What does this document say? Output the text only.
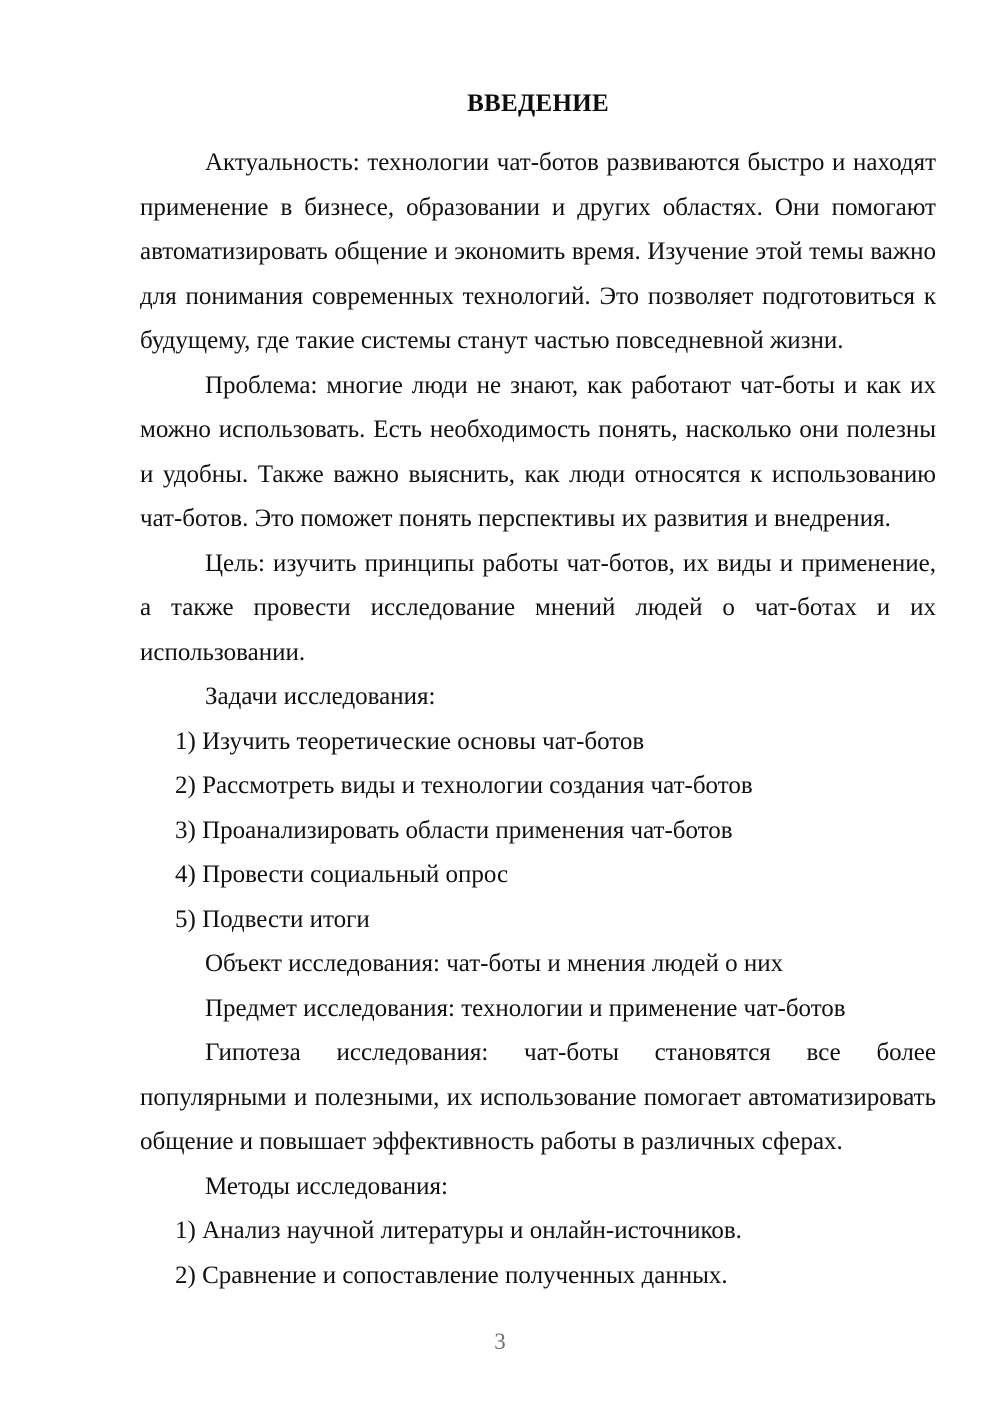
ВВЕДЕНИЕ

Актуальность: технологии чат-ботов развиваются быстро и находят применение в бизнесе, образовании и других областях. Они помогают автоматизировать общение и экономить время. Изучение этой темы важно для понимания современных технологий. Это позволяет подготовиться к будущему, где такие системы станут частью повседневной жизни.

Проблема: многие люди не знают, как работают чат-боты и как их можно использовать. Есть необходимость понять, насколько они полезны и удобны. Также важно выяснить, как люди относятся к использованию чат-ботов. Это поможет понять перспективы их развития и внедрения.

Цель: изучить принципы работы чат-ботов, их виды и применение, а также провести исследование мнений людей о чат-ботах и их использовании.

Задачи исследования:

1) Изучить теоретические основы чат-ботов
2) Рассмотреть виды и технологии создания чат-ботов
3) Проанализировать области применения чат-ботов
4) Провести социальный опрос
5) Подвести итоги

Объект исследования: чат-боты и мнения людей о них

Предмет исследования: технологии и применение чат-ботов

Гипотеза исследования: чат-боты становятся все более популярными и полезными, их использование помогает автоматизировать общение и повышает эффективность работы в различных сферах.

Методы исследования:

1) Анализ научной литературы и онлайн-источников.
2) Сравнение и сопоставление полученных данных.
3
